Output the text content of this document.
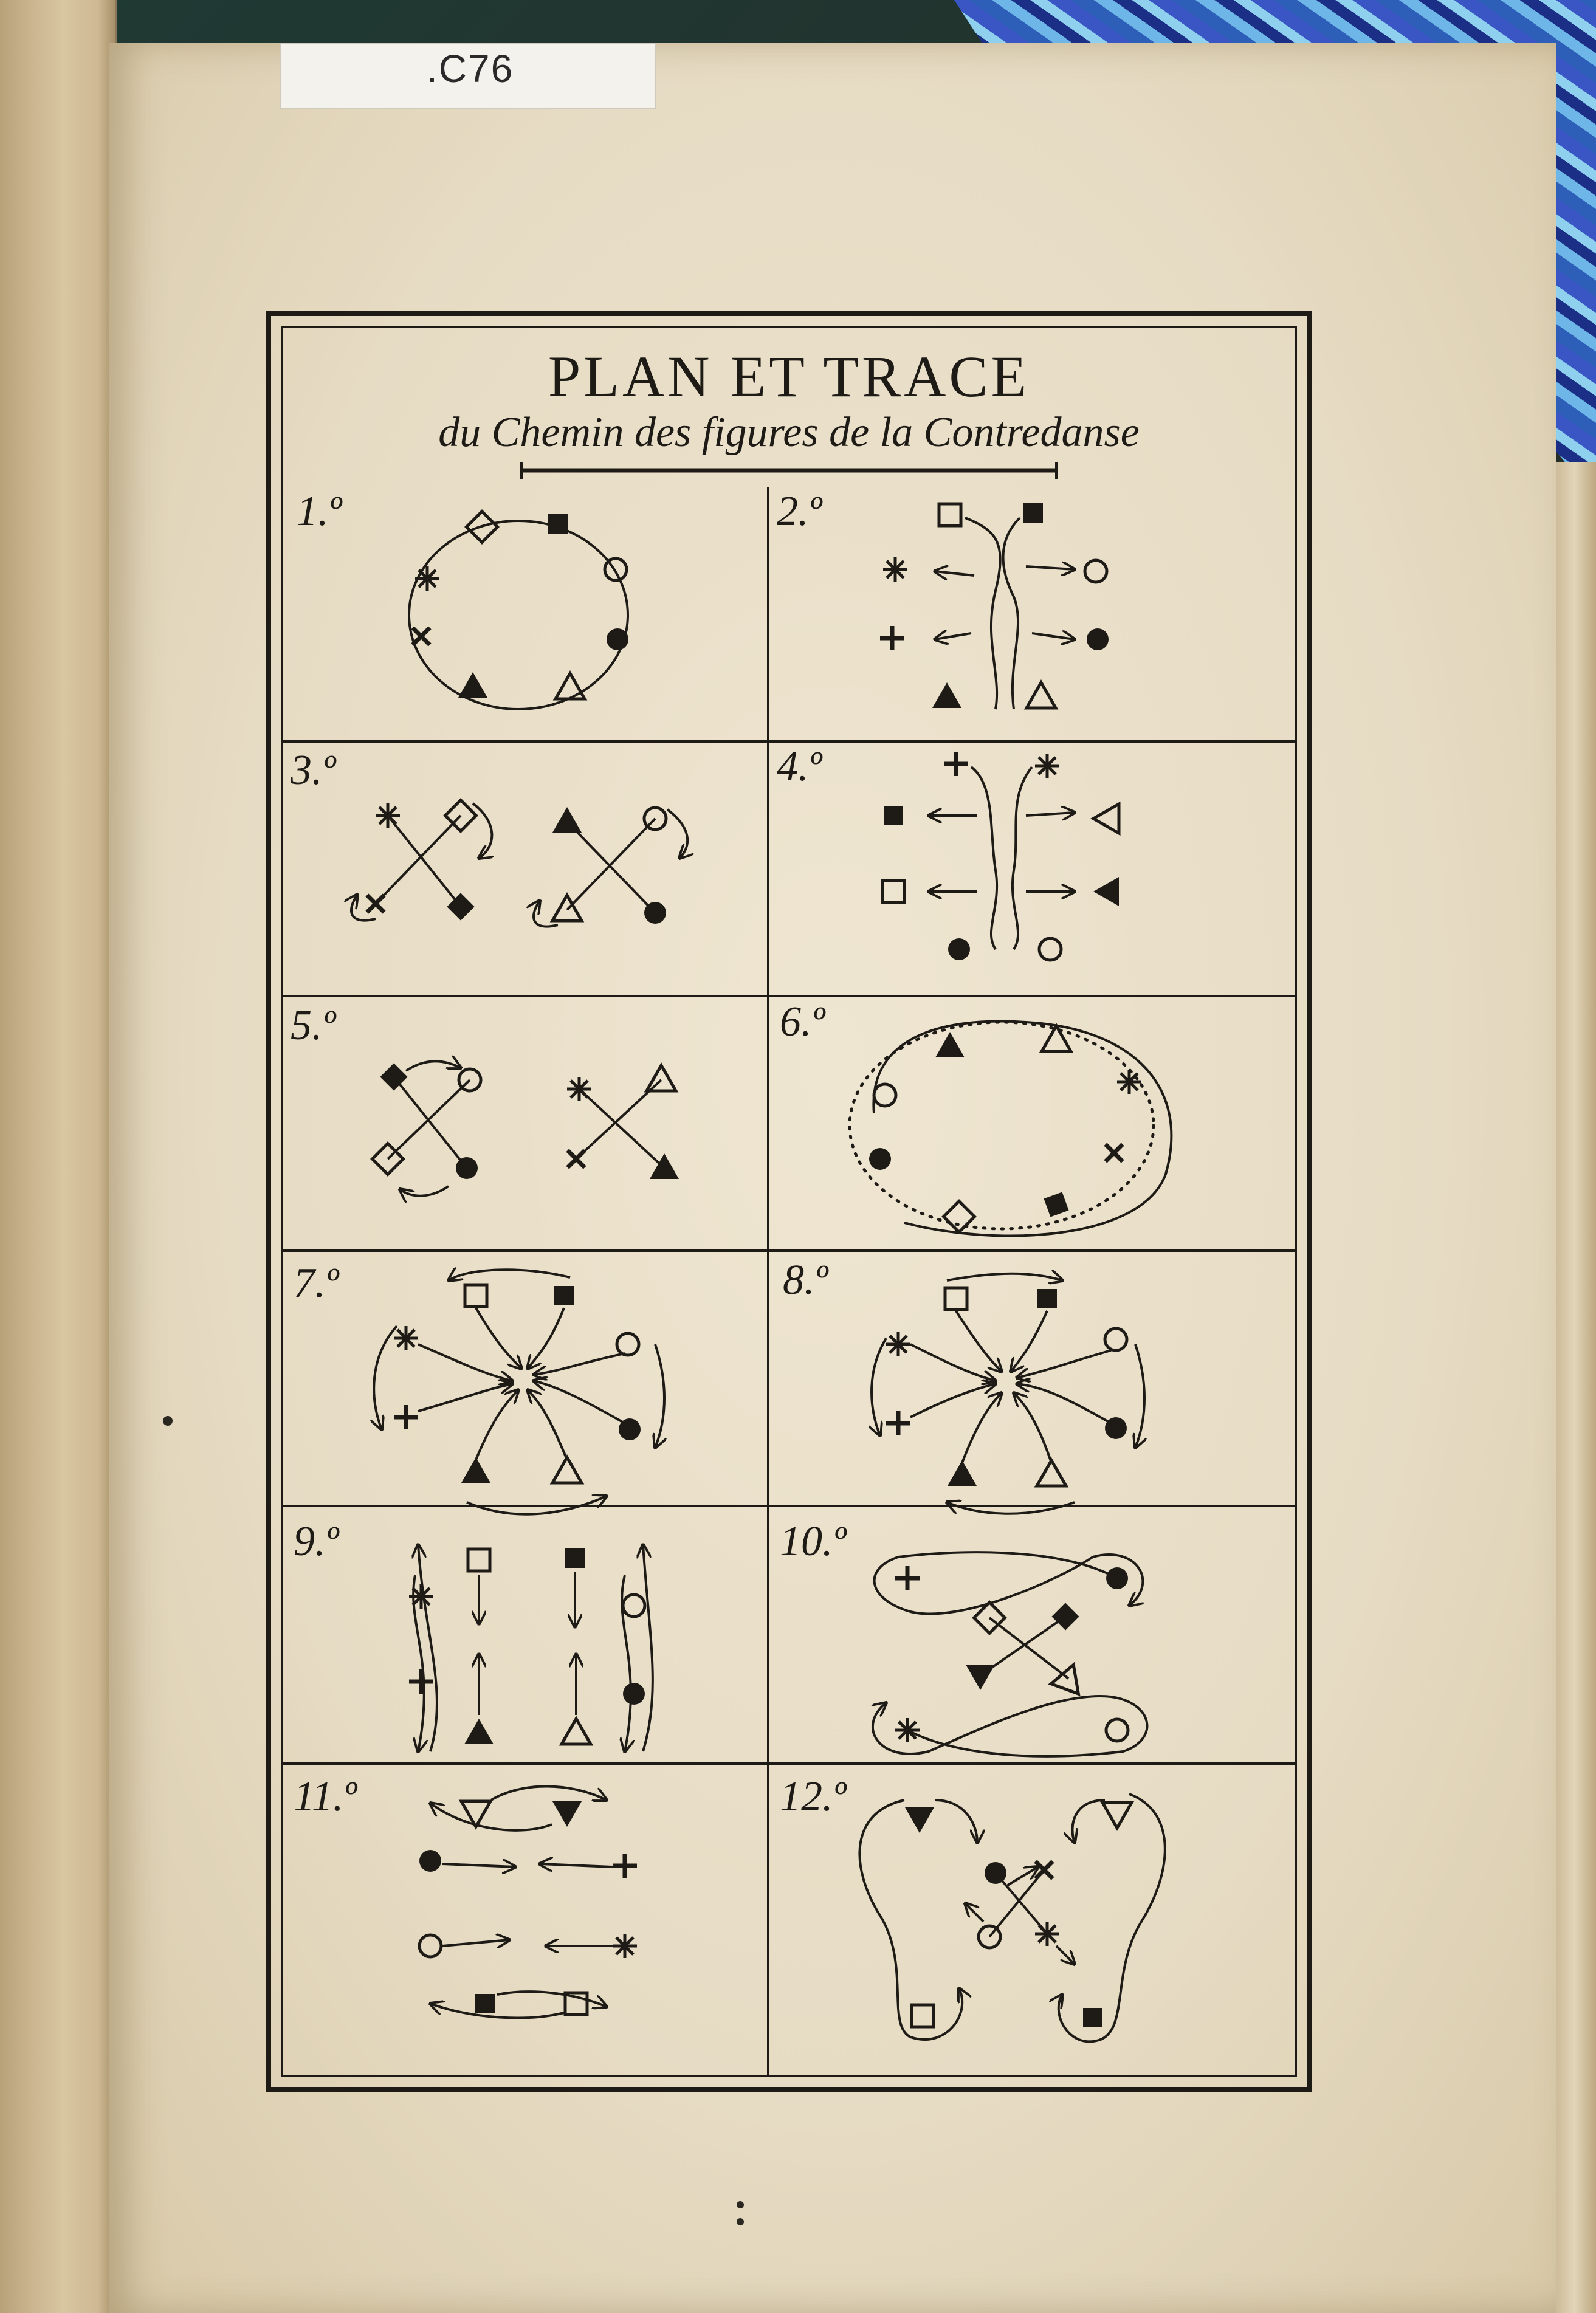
.C76
PLAN ET TRACE
du Chemin des figures de la Contredanse
1.º	2.º
3.º	4.º
5.º	6.º
7.º	8.º
9.º	10.º
11.º	12.º
